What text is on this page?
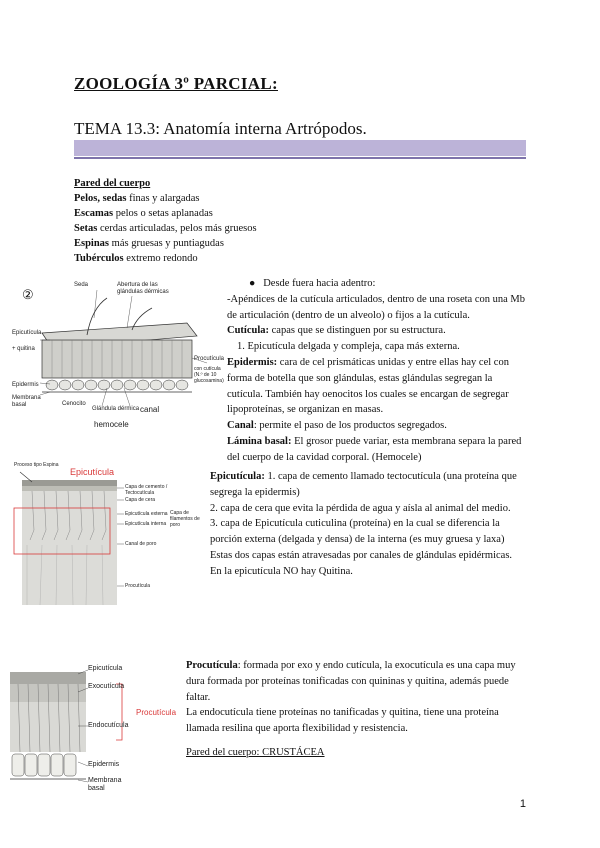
ZOOLOGÍA 3º PARCIAL:
TEMA 13.3: Anatomía interna Artrópodos.

Pared del cuerpo

Pelos, sedas finas y alargadas

Escamas pelos o setas aplanadas

Setas cerdas articuladas, pelos más gruesos

Espinas más gruesas y puntiagudas

Tubérculos extremo redondo

②
Seda	Abertura de las glándulas dérmicas
Epicutícula
+ quitina
Procutícula
con cutícula (N.º de 10 glucosamina)
Epidermis
Membrana basal	Cenocito
Glándula dérmica canal
hemocele

●   Desde fuera hacia adentro:

-Apéndices de la cutícula articulados, dentro de una roseta con una Mb de articulación (dentro de un alveolo) o fijos a la cutícula.

Cutícula: capas que se distinguen por su estructura.

1. Epicutícula delgada y compleja, capa más externa.

Epidermis: cara de cel prismáticas unidas y entre ellas hay cel con forma de botella que son glándulas, estas glándulas segregan la cutícula. También hay oenocitos los cuales se encargan de segregar lipoproteínas, se organizan en masas.

Canal: permite el paso de los productos segregados.

Lámina basal: El grosor puede variar, esta membrana separa la pared del cuerpo de la cavidad corporal. (Hemocele)

Epicutícula
Proceso tipo Espina
Capa de cemento / Tectocutícula
Capa de cera
Epicutícula externa
Epicutícula interna
Capa de filamentos de poro
Canal de poro
Procutícula

Epicutícula: 1. capa de cemento llamado tectocutícula (una proteína que segrega la epidermis)

2. capa de cera que evita la pérdida de agua y aísla al animal del medio.

3. capa de Epicutícula cuticulina (proteína) en la cual se diferencia la porción externa (delgada y densa) de la interna (es muy gruesa y laxa)

Estas dos capas están atravesadas por canales de glándulas epidérmicas.

En la epicutícula NO hay Quitina.

Epicutícula
Exocutícula
Endocutícula
Epidermis
Membrana basal
Procutícula

Procutícula: formada por exo y endo cutícula, la exocutícula es una capa muy dura formada por proteínas tonificadas con quininas y quitina, además puede faltar.

La endocutícula tiene proteínas no tanificadas y quitina, tiene una proteína llamada resilina que aporta flexibilidad y resistencia.

Pared del cuerpo: CRUSTÁCEA

1
